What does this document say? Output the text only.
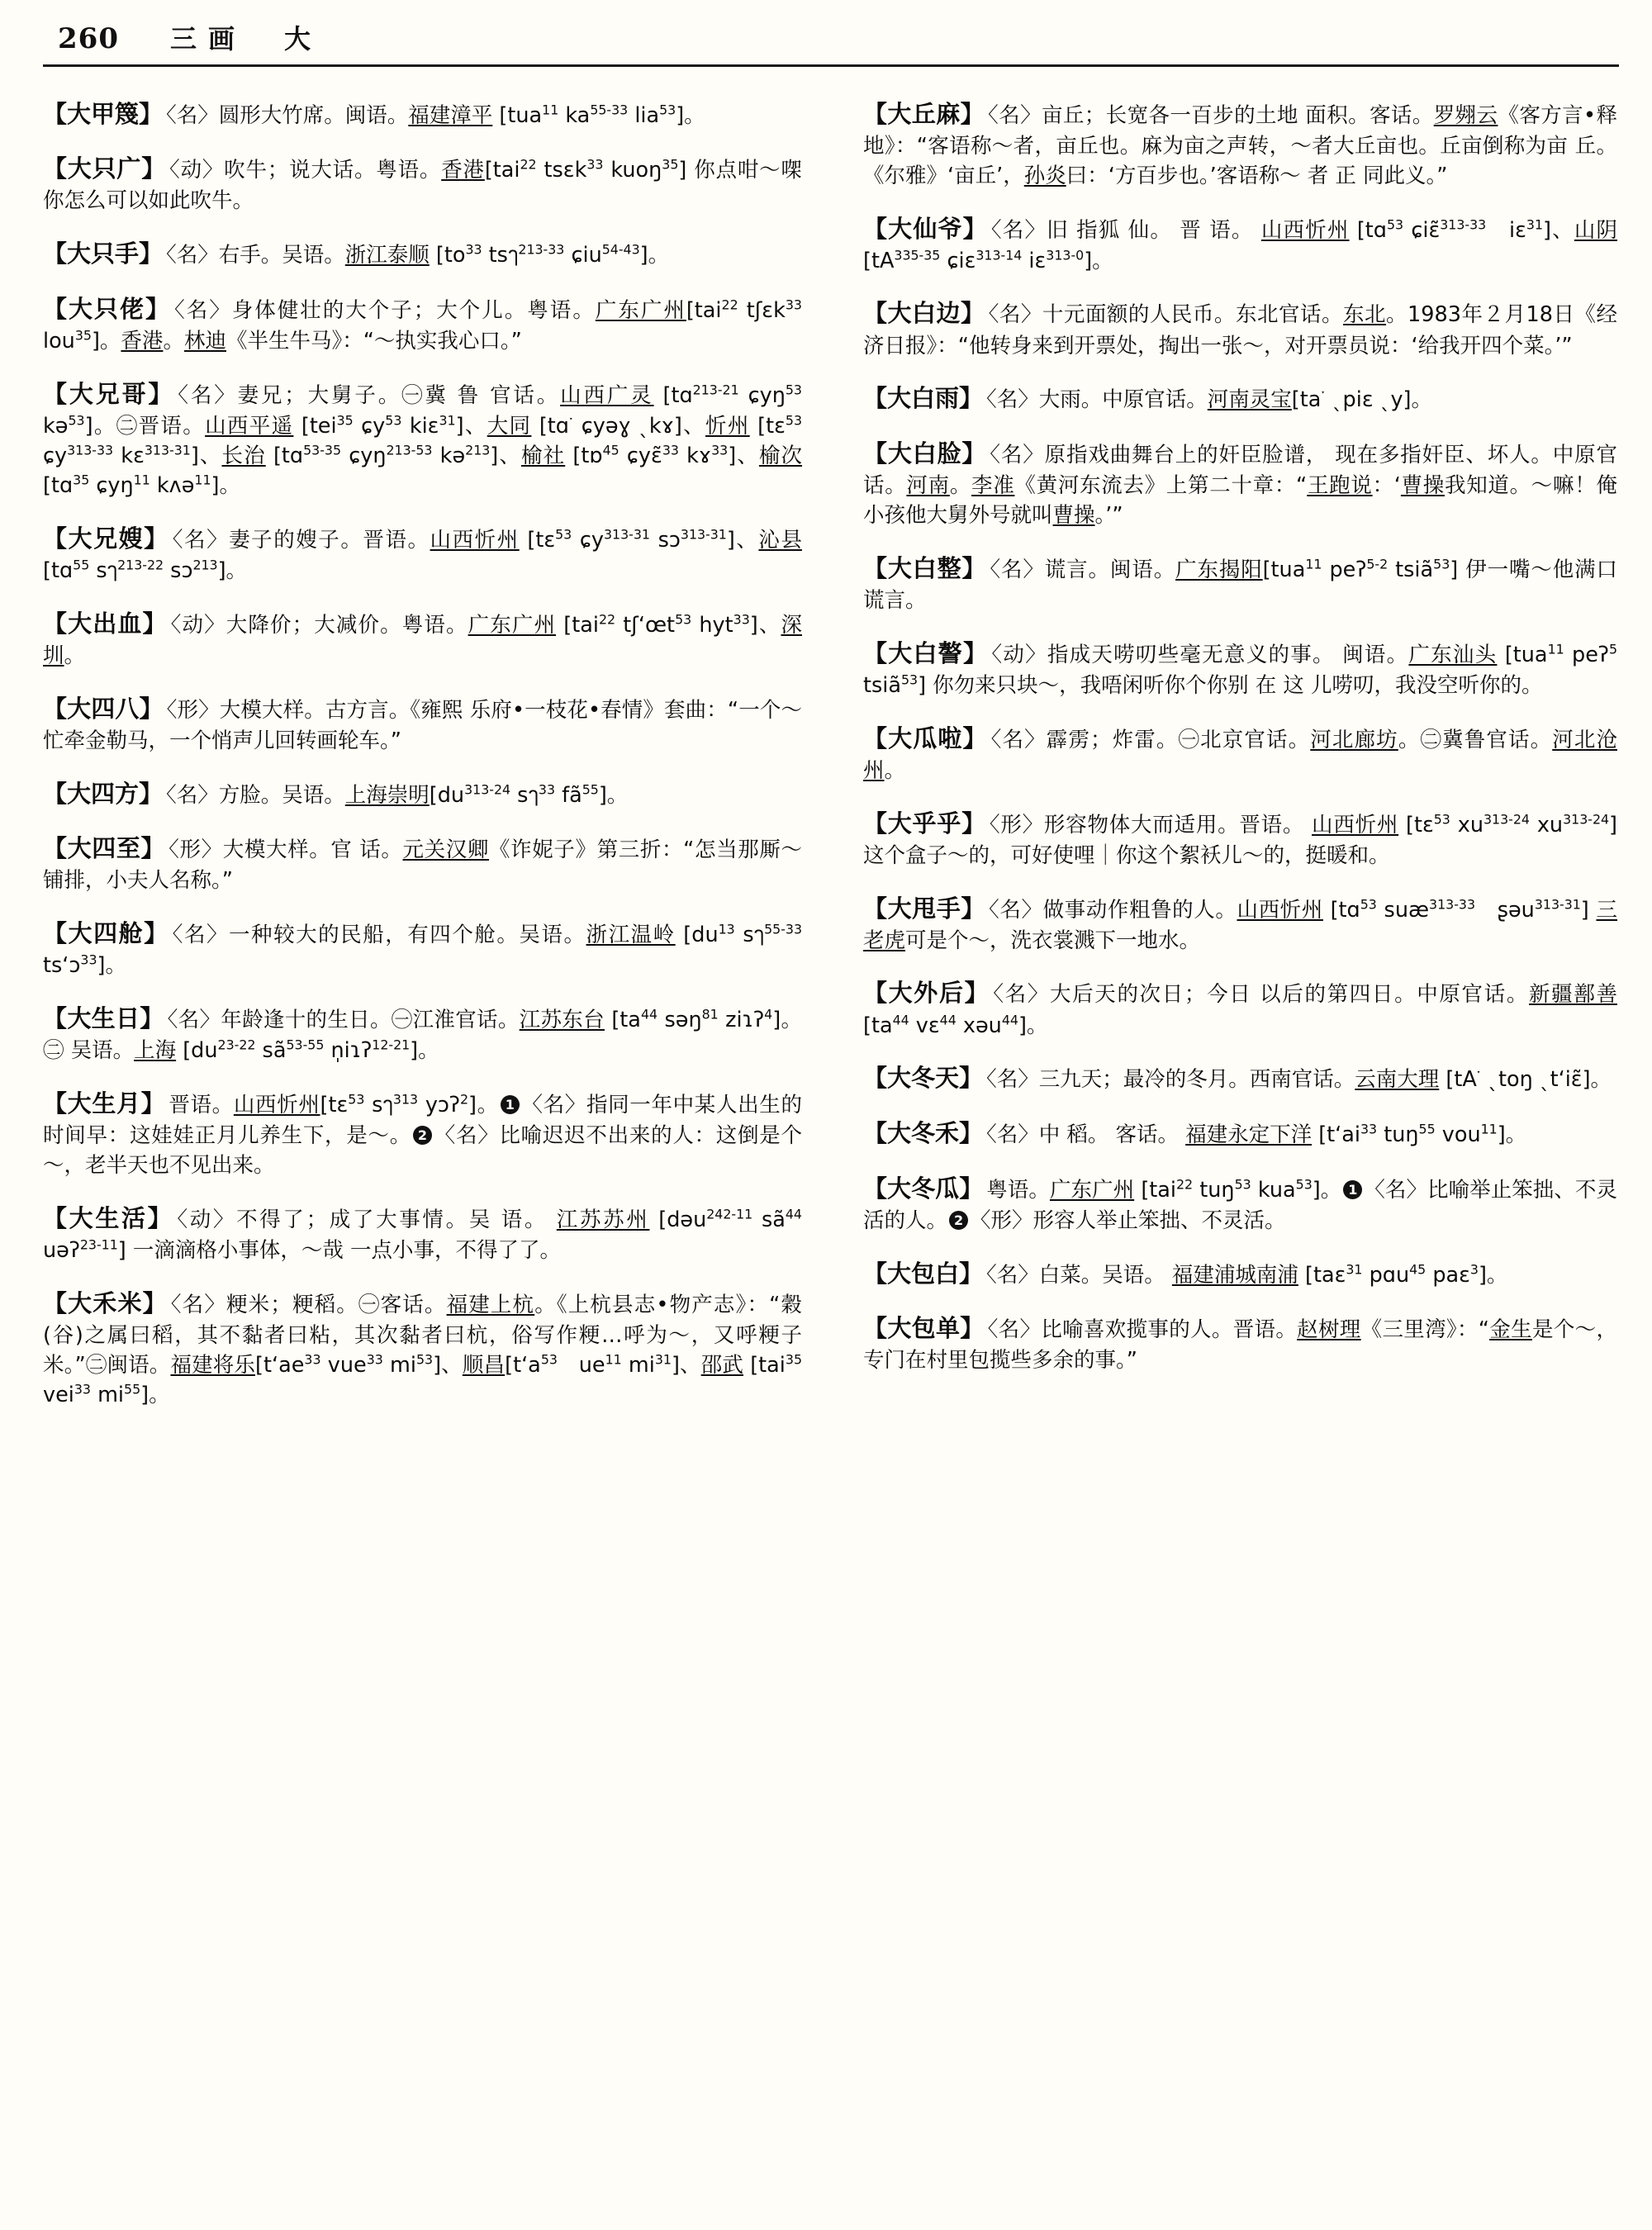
260 三画　大

【大甲篾】 〈名〉圆形大竹席。闽语。福建漳平 [tua$^{11}$ $ka^{55-33}$ lia$^{53}$]。

【大只广】 〈动〉吹牛；说大话。粤语。香港[tai$^{22}$ tsɛk$^{33}$ kuoŋ$^{35}$] 你点咁～㗎 你怎么可以如此吹牛。

【大只手】 〈名〉右手。吴语。浙江泰顺 [$to^{33}$ tsๅ$^{213-33}$ ɕiu$^{54-43}$]。

【大只佬】 〈名〉身体健壮的大个子；大个儿。粤语。广东广州[tai$^{22}$ tʃɛk$^{33}$ lou$^{35}$]。香港。林迪《半生牛马》：“～执实我心口。”

【大兄哥】 〈名〉妻兄；大舅子。㊀冀 鲁 官话。山西广灵 [tɑ$^{213-21}$ ɕyŋ$^{53}$ kə$^{53}$]。㊁晋语。山西平遥 [tei$^{35}$ ɕy$^{53}$ kiɛ$^{31}$]、大同 [tɑ$^ˑ$ ɕyəɣ ˎkɤ]、忻州 [tɛ$^{53}$ ɕy$^{313-33}$ kɛ$^{313-31}$]、长治 [tɑ$^{53-35}$ ɕyŋ$^{213-53}$ kə$^{213}$]、榆社 [tɒ$^{45}$ ɕyɛ̃$^{33}$ kɤ$^{33}$]、榆次 [tɑ$^{35}$ ɕyŋ$^{11}$ kʌə$^{11}$]。

【大兄嫂】 〈名〉妻子的嫂子。晋语。山西忻州 [tɛ$^{53}$ ɕy$^{313-31}$ sɔ$^{313-31}$]、沁县 [tɑ$^{55}$ sๅ$^{213-22}$ sɔ$^{213}$]。

【大出血】 〈动〉大降价；大减价。粤语。广东广州 [tai$^{22}$ $tʃ‘œt^{53}$ hyt$^{33}$]、深圳。

【大四八】 〈形〉大模大样。古方言。《雍熙 乐府•一枝花•春情》套曲：“一个～忙牵金勒马，一个悄声儿回转画轮车。”

【大四方】 〈名〉方脸。吴语。上海崇明[$du^{313-24}$ sๅ$^{33}$ $fã^{55}$]。

【大四至】 〈形〉大模大样。官 话。元关汉卿《诈妮子》第三折：“怎当那厮～铺排，小夫人名称。”

【大四舱】 〈名〉一种较大的民船，有四个舱。吴语。浙江温岭 [$du^{13}$ sๅ$^{55-33}$ ts‘ɔ$^{33}$]。

【大生日】 〈名〉年龄逢十的生日。㊀江淮官话。江苏东台 [$ta^{44}$ səŋ$^{81}$ ziɿʔ$^4$]。㊁ 吴语。上海 [$du^{23-22}$ $sã^{53-55}$ n̩iɿʔ$^{12-21}$]。

【大生月】 晋语。山西忻州[tɛ$^{53}$ sๅ$^{313}$ yɔʔ$^2$]。 1 〈名〉指同一年中某人出生的时间早：这娃娃正月儿养生下，是～。 2 〈名〉比喻迟迟不出来的人：这倒是个～，老半天也不见出来。

【大生活】 〈动〉不得了；成了大事情。吴 语。 江苏苏州 [dəu$^{242-11}$ $sã^{44}$ uəʔ$^{23-11}$] 一滴滴格小事体，～哉 一点小事，不得了了。

【大禾米】 〈名〉粳米；粳稻。㊀客话。福建上杭。《上杭县志•物产志》：“穀(谷)之属曰稻，其不黏者曰粘，其次黏者曰杭，俗写作粳…呼为～，又呼粳子米。”㊁闽语。福建将乐[$t‘ae^{33}$ vue$^{33}$ $mi^{53}$]、顺昌[$t‘a^{53}$　$ue^{11}$ $mi^{31}$]、邵武 [tai$^{35}$ vei$^{33}$ $mi^{55}$]。

【大丘麻】 〈名〉亩丘；长宽各一百步的土地 面积。客话。罗翙云《客方言•释地》：“客语称～者，亩丘也。麻为亩之声转，～者大丘亩也。丘亩倒称为亩 丘。《尔雅》‘亩丘’，孙炎曰：‘方百步也。’客语称～ 者 正 同此义。”

【大仙爷】 〈名〉旧 指狐 仙。 晋 语。 山西忻州 [tɑ$^{53}$ ɕiɛ̃$^{313-33}$　iɛ$^{31}$]、山阴 [$tA^{335-35}$ ɕiɛ$^{313-14}$ iɛ$^{313-0}$]。

【大白边】 〈名〉十元面额的人民币。东北官话。东北。1983年２月18日《经济日报》：“他转身来到开票处，掏出一张～，对开票员说：‘给我开四个菜。’”

【大白雨】 〈名〉大雨。中原官话。河南灵宝[$ta^ˑ$ ˎpiɛ ˎy]。

【大白脸】 〈名〉原指戏曲舞台上的奸臣脸谱， 现在多指奸臣、坏人。中原官话。河南。李准《黄河东流去》上第二十章：“王跑说：‘曹操我知道。～嘛！俺小孩他大舅外号就叫曹操。’”

【大白整】 〈名〉谎言。闽语。广东揭阳[tua$^{11}$ peʔ$^{5-2}$ tsiã$^{53}$] 伊一嘴～他满口谎言。

【大白謷】 〈动〉指成天唠叨些毫无意义的事。 闽语。广东汕头 [tua$^{11}$ peʔ$^5$ tsiã$^{53}$] 你勿来只块～，我唔闲听你个你别 在 这 儿唠叨，我没空听你的。

【大瓜啦】 〈名〉霹雳；炸雷。㊀北京官话。河北廊坊。㊁冀鲁官话。河北沧州。

【大乎乎】 〈形〉形容物体大而适用。晋语。 山西忻州 [tɛ$^{53}$ $xu^{313-24}$ $xu^{313-24}$] 这个盒子～的，可好使哩｜你这个絮袄儿～的，挺暖和。

【大甩手】 〈名〉做事动作粗鲁的人。山西忻州 [tɑ$^{53}$ suæ$^{313-33}$　ʂəu$^{313-31}$] 三老虎可是个～，洗衣裳溅下一地水。

【大外后】 〈名〉大后天的次日；今日 以后的第四日。中原官话。新疆鄯善 [$ta^{44}$ vɛ$^{44}$ xəu$^{44}$]。

【大冬天】 〈名〉三九天；最冷的冬月。西南官话。云南大理 [$tA^ˑ$ ˎtoŋ ˎt‘iɛ̃]。

【大冬禾】 〈名〉中 稻。 客话。 福建永定下洋 [$t‘ai^{33}$ tuŋ$^{55}$ vou$^{11}$]。

【大冬瓜】 粤语。广东广州 [tai$^{22}$ tuŋ$^{53}$ kua$^{53}$]。 1 〈名〉比喻举止笨拙、不灵活的人。 2 〈形〉形容人举止笨拙、不灵活。

【大包白】 〈名〉白菜。吴语。 福建浦城南浦 [taɛ$^{31}$ pɑu$^{45}$ paɛ$^3$]。

【大包单】 〈名〉比喻喜欢揽事的人。晋语。赵树理《三里湾》：“金生是个～，专门在村里包揽些多余的事。”
